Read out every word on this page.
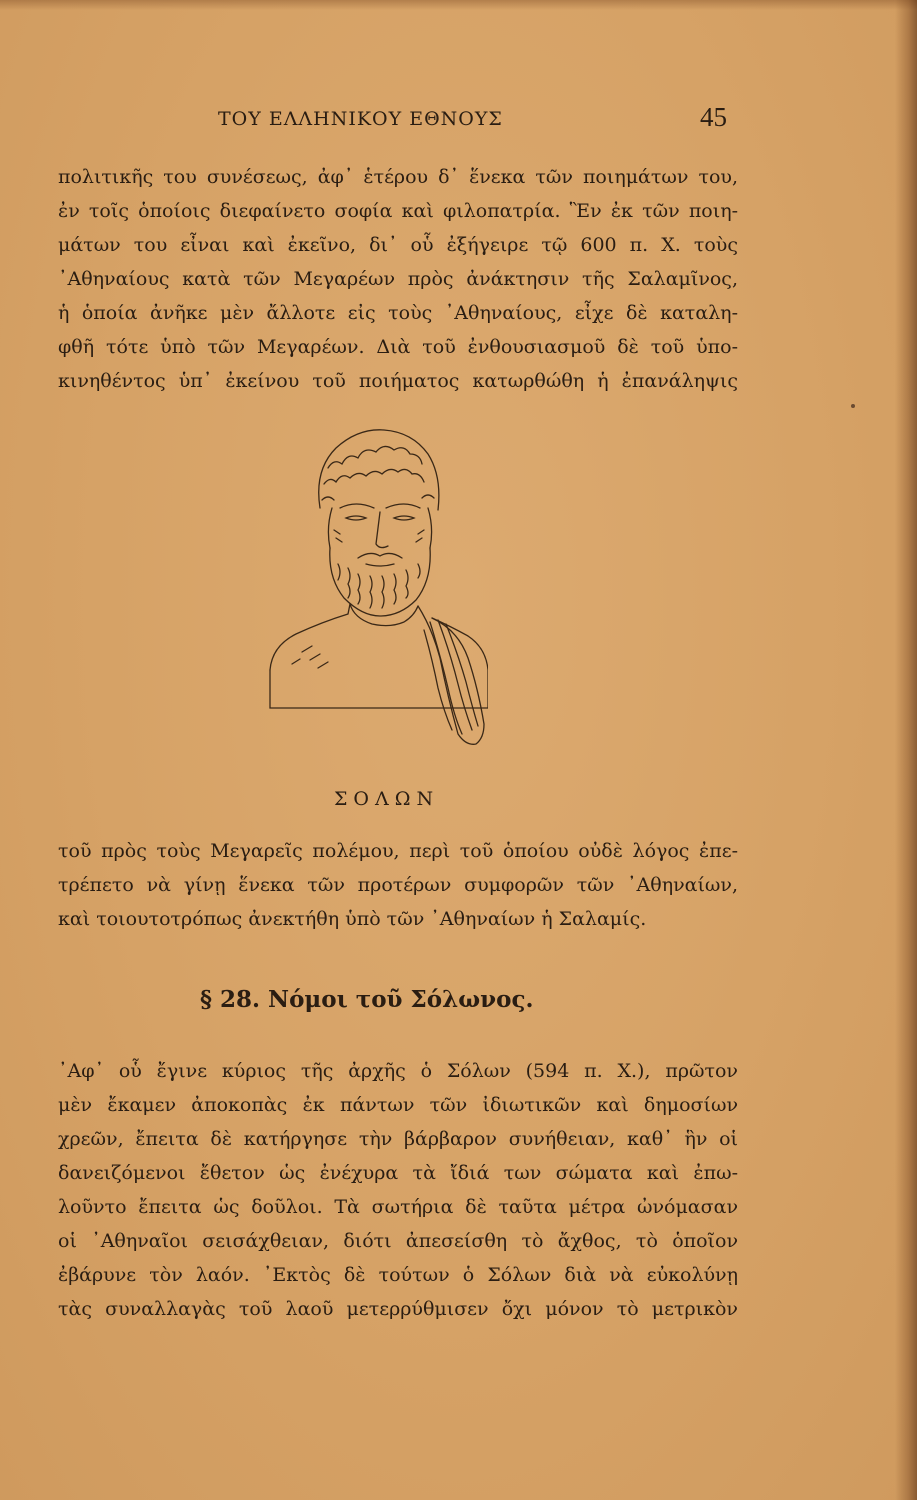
ΤΟΥ ΕΛΛΗΝΙΚΟΥ ΕΘΝΟΥΣ	45
πολιτικῆς του συνέσεως, ἀφ᾿ ἑτέρου δ᾿ ἕνεκα τῶν ποιημάτων του,
ἐν τοῖς ὁποίοις διεφαίνετο σοφία καὶ φιλοπατρία. Ἓν ἐκ τῶν ποιη-
μάτων του εἶναι καὶ ἐκεῖνο, δι᾿ οὗ ἐξήγειρε τῷ 600 π. Χ. τοὺς
᾿Αθηναίους κατὰ τῶν Μεγαρέων πρὸς ἀνάκτησιν τῆς Σαλαμῖνος,
ἡ ὁποία ἀνῆκε μὲν ἄλλοτε εἰς τοὺς ᾿Αθηναίους, εἶχε δὲ καταλη-
φθῆ τότε ὑπὸ τῶν Μεγαρέων. Διὰ τοῦ ἐνθουσιασμοῦ δὲ τοῦ ὑπο-
κινηθέντος ὑπ᾿ ἐκείνου τοῦ ποιήματος κατωρθώθη ἡ ἐπανάληψις
ΣΟΛΩΝ
τοῦ πρὸς τοὺς Μεγαρεῖς πολέμου, περὶ τοῦ ὁποίου οὐδὲ λόγος ἐπε-
τρέπετο νὰ γίνῃ ἕνεκα τῶν προτέρων συμφορῶν τῶν ᾿Αθηναίων,
καὶ τοιουτοτρόπως ἀνεκτήθη ὑπὸ τῶν ᾿Αθηναίων ἡ Σαλαμίς.
§ 28. Νόμοι τοῦ Σόλωνος.
᾿Αφ᾿ οὗ ἔγινε κύριος τῆς ἀρχῆς ὁ Σόλων (594 π. Χ.), πρῶτον
μὲν ἔκαμεν ἀποκοπὰς ἐκ πάντων τῶν ἰδιωτικῶν καὶ δημοσίων
χρεῶν, ἔπειτα δὲ κατήργησε τὴν βάρβαρον συνήθειαν, καθ᾿ ἣν οἱ
δανειζόμενοι ἔθετον ὡς ἐνέχυρα τὰ ἴδιά των σώματα καὶ ἐπω-
λοῦντο ἔπειτα ὡς δοῦλοι. Τὰ σωτήρια δὲ ταῦτα μέτρα ὠνόμασαν
οἱ ᾿Αθηναῖοι σεισάχθειαν, διότι ἀπεσείσθη τὸ ἄχθος, τὸ ὁποῖον
ἐβάρυνε τὸν λαόν. ᾿Εκτὸς δὲ τούτων ὁ Σόλων διὰ νὰ εὐκολύνῃ
τὰς συναλλαγὰς τοῦ λαοῦ μετερρύθμισεν ὄχι μόνον τὸ μετρικὸν
